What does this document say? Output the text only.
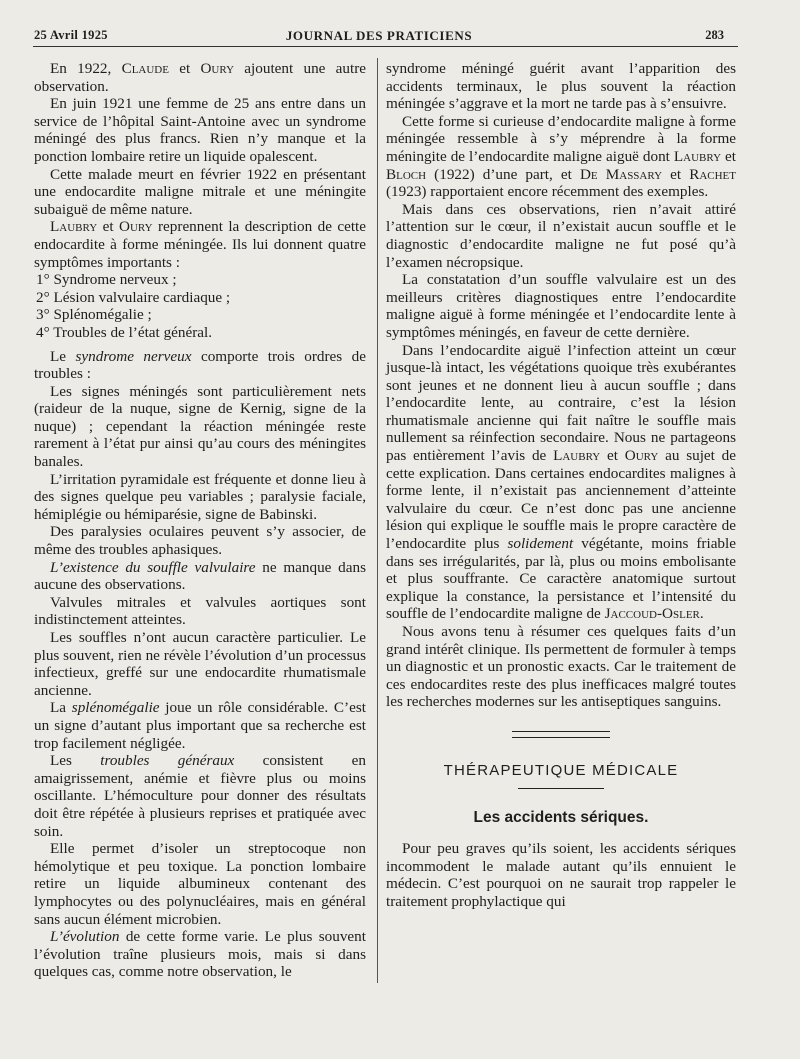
25 Avril 1925	JOURNAL DES PRATICIENS	283

En 1922, Claude et Oury ajoutent une autre observation.

En juin 1921 une femme de 25 ans entre dans un service de l’hôpital Saint-Antoine avec un syndrome méningé des plus francs. Rien n’y manque et la ponction lombaire retire un liquide opalescent.

Cette malade meurt en février 1922 en présentant une endocardite maligne mitrale et une méningite subaiguë de même nature.

Laubry et Oury reprennent la description de cette endocardite à forme méningée. Ils lui donnent quatre symptômes importants :

1° Syndrome nerveux ;

2° Lésion valvulaire cardiaque ;

3° Splénomégalie ;

4° Troubles de l’état général.

Le syndrome nerveux comporte trois ordres de troubles :

Les signes méningés sont particulièrement nets (raideur de la nuque, signe de Kernig, signe de la nuque) ; cependant la réaction méningée reste rarement à l’état pur ainsi qu’au cours des méningites banales.

L’irritation pyramidale est fréquente et donne lieu à des signes quelque peu variables ; paralysie faciale, hémiplégie ou hémiparésie, signe de Babinski.

Des paralysies oculaires peuvent s’y associer, de même des troubles aphasiques.

L’existence du souffle valvulaire ne manque dans aucune des observations.

Valvules mitrales et valvules aortiques sont indistinctement atteintes.

Les souffles n’ont aucun caractère particulier. Le plus souvent, rien ne révèle l’évolution d’un processus infectieux, greffé sur une endocardite rhumatismale ancienne.

La splénomégalie joue un rôle considérable. C’est un signe d’autant plus important que sa recherche est trop facilement négligée.

Les troubles généraux consistent en amaigrissement, anémie et fièvre plus ou moins oscillante. L’hémoculture pour donner des résultats doit être répétée à plusieurs reprises et pratiquée avec soin.

Elle permet d’isoler un streptocoque non hémolytique et peu toxique. La ponction lombaire retire un liquide albumineux contenant des lymphocytes ou des polynucléaires, mais en général sans aucun élément microbien.

L’évolution de cette forme varie. Le plus souvent l’évolution traîne plusieurs mois, mais si dans quelques cas, comme notre observation, le

syndrome méningé guérit avant l’apparition des accidents terminaux, le plus souvent la réaction méningée s’aggrave et la mort ne tarde pas à s’ensuivre.

Cette forme si curieuse d’endocardite maligne à forme méningée ressemble à s’y méprendre à la forme méningite de l’endocardite maligne aiguë dont Laubry et Bloch (1922) d’une part, et De Massary et Rachet (1923) rapportaient encore récemment des exemples.

Mais dans ces observations, rien n’avait attiré l’attention sur le cœur, il n’existait aucun souffle et le diagnostic d’endocardite maligne ne fut posé qu’à l’examen nécropsique.

La constatation d’un souffle valvulaire est un des meilleurs critères diagnostiques entre l’endocardite maligne aiguë à forme méningée et l’endocardite lente à symptômes méningés, en faveur de cette dernière.

Dans l’endocardite aiguë l’infection atteint un cœur jusque-là intact, les végétations quoique très exubérantes sont jeunes et ne donnent lieu à aucun souffle ; dans l’endocardite lente, au contraire, c’est la lésion rhumatismale ancienne qui fait naître le souffle mais nullement sa réinfection secondaire. Nous ne partageons pas entièrement l’avis de Laubry et Oury au sujet de cette explication. Dans certaines endocardites malignes à forme lente, il n’existait pas anciennement d’atteinte valvulaire du cœur. Ce n’est donc pas une ancienne lésion qui explique le souffle mais le propre caractère de l’endocardite plus solidement végétante, moins friable dans ses irrégularités, par là, plus ou moins embolisante et plus souffrante. Ce caractère anatomique surtout explique la constance, la persistance et l’intensité du souffle de l’endocardite maligne de Jaccoud-Osler.

Nous avons tenu à résumer ces quelques faits d’un grand intérêt clinique. Ils permettent de formuler à temps un diagnostic et un pronostic exacts. Car le traitement de ces endocardites reste des plus inefficaces malgré toutes les recherches modernes sur les antiseptiques sanguins.

THÉRAPEUTIQUE MÉDICALE
Les accidents sériques.

Pour peu graves qu’ils soient, les accidents sériques incommodent le malade autant qu’ils ennuient le médecin. C’est pourquoi on ne saurait trop rappeler le traitement prophylactique qui
